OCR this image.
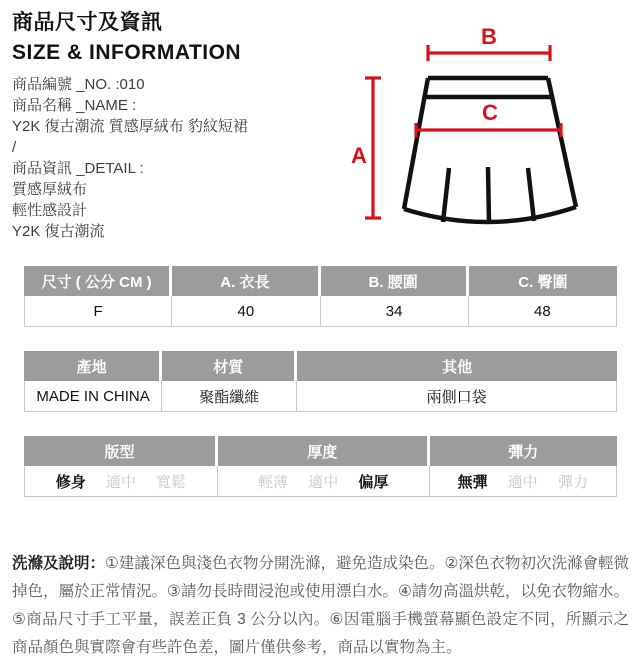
商品尺寸及資訊
SIZE & INFORMATION
商品編號 _NO. :010
商品名稱 _NAME :
Y2K 復古潮流 質感厚絨布 豹紋短裙
/
商品資訊 _DETAIL :
質感厚絨布
輕性感設計
Y2K 復古潮流
B
A
C
尺寸 ( 公分 CM )	A. 衣長	B. 腰圍	C. 臀圍
F	40	34	48
產地	材質	其他
MADE IN CHINA	聚酯纖維	兩側口袋
版型	厚度	彈力
修身 適中 寬鬆	輕薄 適中 偏厚	無彈 適中 彈力

洗滌及說明：①建議深色與淺色衣物分開洗滌，避免造成染色。②深色衣物初次洗滌會輕微掉色，屬於正常情況。③請勿長時間浸泡或使用漂白水。④請勿高溫烘乾，以免衣物縮水。⑤商品尺寸手工平量，誤差正負 3 公分以內。⑥因電腦手機螢幕顯色設定不同，所顯示之商品顏色與實際會有些許色差，圖片僅供參考，商品以實物為主。
